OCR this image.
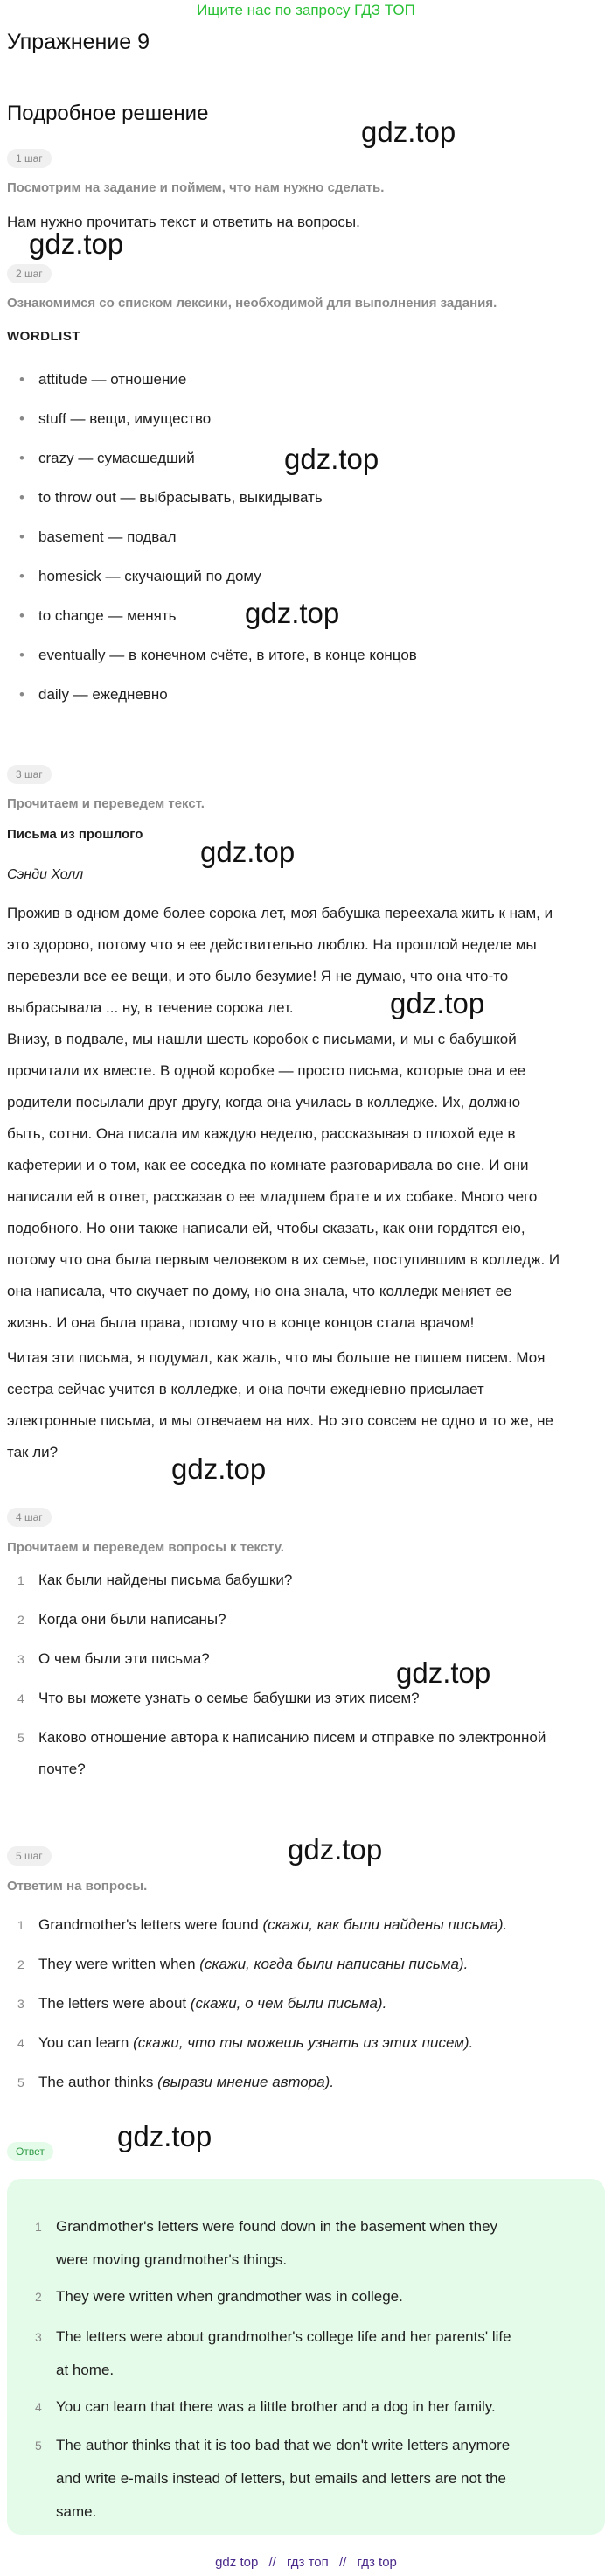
Ищите нас по запросу ГДЗ ТОП
Упражнение 9
Подробное решение
gdz.top
gdz.top
gdz.top
gdz.top
gdz.top
gdz.top
gdz.top
gdz.top
gdz.top
gdz.top
1 шаг
Посмотрим на задание и поймем, что нам нужно сделать.
Нам нужно прочитать текст и ответить на вопросы.
2 шаг
Ознакомимся со списком лексики, необходимой для выполнения задания.
WORDLIST
• attitude — отношение
• stuff — вещи, имущество
• crazy — сумасшедший
• to throw out — выбрасывать, выкидывать
• basement — подвал
• homesick — скучающий по дому
• to change — менять
• eventually — в конечном счёте, в итоге, в конце концов
• daily — ежедневно
3 шаг
Прочитаем и переведем текст.
Письма из прошлого
Сэнди Холл
Прожив в одном доме более сорока лет, моя бабушка переехала жить к нам, и
это здорово, потому что я ее действительно люблю. На прошлой неделе мы
перевезли все ее вещи, и это было безумие! Я не думаю, что она что-то
выбрасывала ... ну, в течение сорока лет.
Внизу, в подвале, мы нашли шесть коробок с письмами, и мы с бабушкой
прочитали их вместе. В одной коробке — просто письма, которые она и ее
родители посылали друг другу, когда она училась в колледже. Их, должно
быть, сотни. Она писала им каждую неделю, рассказывая о плохой еде в
кафетерии и о том, как ее соседка по комнате разговаривала во сне. И они
написали ей в ответ, рассказав о ее младшем брате и их собаке. Много чего
подобного. Но они также написали ей, чтобы сказать, как они гордятся ею,
потому что она была первым человеком в их семье, поступившим в колледж. И
она написала, что скучает по дому, но она знала, что колледж меняет ее
жизнь. И она была права, потому что в конце концов стала врачом!
Читая эти письма, я подумал, как жаль, что мы больше не пишем писем. Моя
сестра сейчас учится в колледже, и она почти ежедневно присылает
электронные письма, и мы отвечаем на них. Но это совсем не одно и то же, не
так ли?
4 шаг
Прочитаем и переведем вопросы к тексту.
1 Как были найдены письма бабушки?
2 Когда они были написаны?
3 О чем были эти письма?
4 Что вы можете узнать о семье бабушки из этих писем?
5 Каково отношение автора к написанию писем и отправке по электронной
почте?
5 шаг
Ответим на вопросы.
1 Grandmother's letters were found (скажи, как были найдены письма).
2 They were written when (скажи, когда были написаны письма).
3 The letters were about (скажи, о чем были письма).
4 You can learn (скажи, что ты можешь узнать из этих писем).
5 The author thinks (вырази мнение автора).
Ответ
1 Grandmother's letters were found down in the basement when they
were moving grandmother's things.
2 They were written when grandmother was in college.
3 The letters were about grandmother's college life and her parents' life
at home.
4 You can learn that there was a little brother and a dog in her family.
5 The author thinks that it is too bad that we don't write letters anymore
and write e-mails instead of letters, but emails and letters are not the
same.
gdz top // гдз топ // гдз top
